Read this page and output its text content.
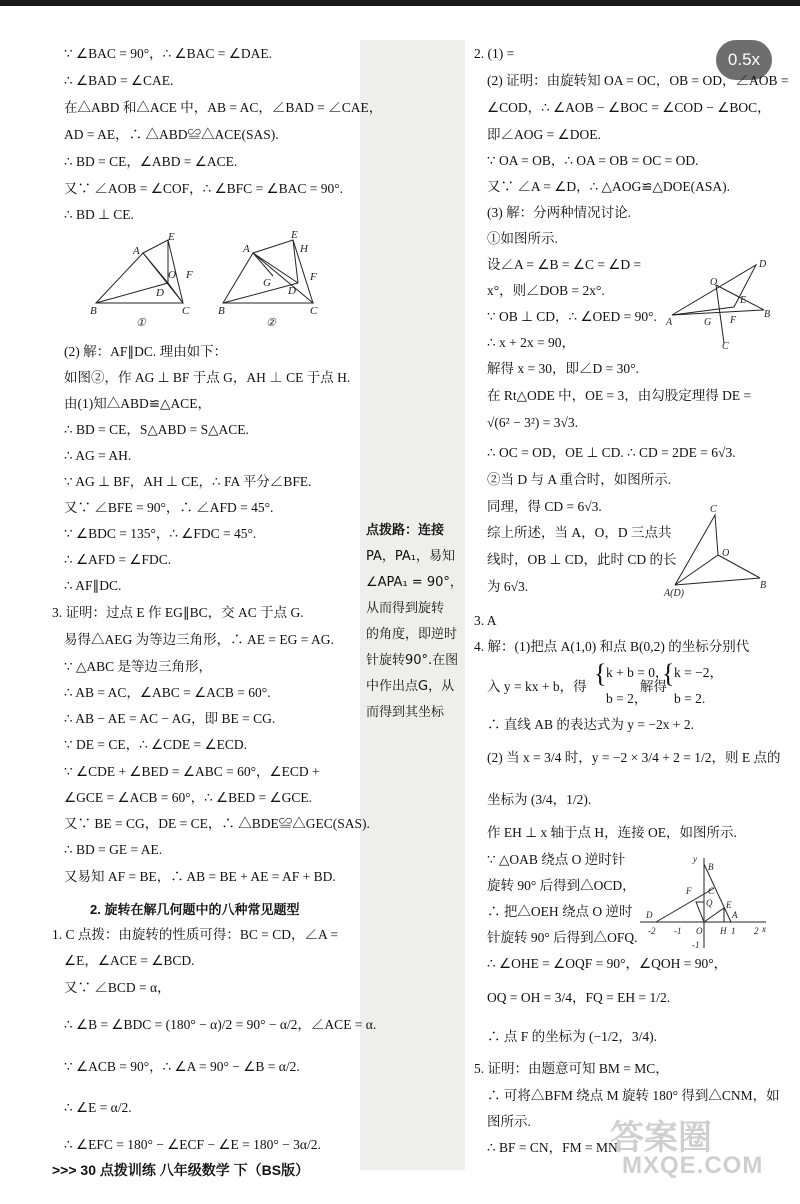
0.5x
∵ ∠BAC = 90°，∴ ∠BAC = ∠DAE.
∴ ∠BAD = ∠CAE.
在△ABD 和△ACE 中，AB = AC，∠BAD = ∠CAE，
AD = AE，∴ △ABD≌△ACE(SAS).
∴ BD = CE，∠ABD = ∠ACE.
又∵ ∠AOB = ∠COF，∴ ∠BFC = ∠BAC = 90°.
∴ BD ⊥ CE.
A
E
B	C
D
O F
A
E
H
G	F
B	C
D
①	②
(2) 解：AF∥DC. 理由如下：
如图②，作 AG ⊥ BF 于点 G，AH ⊥ CE 于点 H.
由(1)知△ABD≌△ACE，
∴ BD = CE，S△ABD = S△ACE.
∴ AG = AH.
∵ AG ⊥ BF，AH ⊥ CE，∴ FA 平分∠BFE.
又∵ ∠BFE = 90°，∴ ∠AFD = 45°.
∵ ∠BDC = 135°，∴ ∠FDC = 45°.
∴ ∠AFD = ∠FDC.
∴ AF∥DC.
3. 证明：过点 E 作 EG∥BC，交 AC 于点 G.
易得△AEG 为等边三角形，∴ AE = EG = AG.
∵ △ABC 是等边三角形，
∴ AB = AC，∠ABC = ∠ACB = 60°.
∴ AB − AE = AC − AG，即 BE = CG.
∵ DE = CE，∴ ∠CDE = ∠ECD.
∵ ∠CDE + ∠BED = ∠ABC = 60°，∠ECD +
∠GCE = ∠ACB = 60°，∴ ∠BED = ∠GCE.
又∵ BE = CG，DE = CE，∴ △BDE≌△GEC(SAS).
∴ BD = GE = AE.
又易知 AF = BE，∴ AB = BE + AE = AF + BD.
2. 旋转在解几何题中的八种常见题型
1. C 点拨：由旋转的性质可得：BC = CD，∠A =
∠E，∠ACE = ∠BCD.
又∵ ∠BCD = α，
∴ ∠B = ∠BDC = (180° − α)/2 = 90° − α/2，∠ACE = α.
∵ ∠ACB = 90°，∴ ∠A = 90° − ∠B = α/2.
∴ ∠E = α/2.
∴ ∠EFC = 180° − ∠ECF − ∠E = 180° − 3α/2.
点拨路：连接
PA，PA₁，易知
∠APA₁ = 90°，
从而得到旋转
的角度，即逆时
针旋转90°.在图
中作出点G，从
而得到其坐标
2. (1) =
(2) 证明：由旋转知 OA = OC，OB = OD，∠AOB =
∠COD，∴ ∠AOB − ∠BOC = ∠COD − ∠BOC，
即∠AOG = ∠DOE.
∵ OA = OB，∴ OA = OB = OC = OD.
又∵ ∠A = ∠D，∴ △AOG≌△DOE(ASA).
(3) 解：分两种情况讨论.
①如图所示.
设∠A = ∠B = ∠C = ∠D =
x°，则∠DOB = 2x°.
∵ OB ⊥ CD，∴ ∠OED = 90°.
∴ x + 2x = 90，
解得 x = 30，即∠D = 30°.
在 Rt△ODE 中，OE = 3，由勾股定理得 DE =
√(6² − 3²) = 3√3.
∴ OC = OD，OE ⊥ CD. ∴ CD = 2DE = 6√3.
②当 D 与 A 重合时，如图所示.
同理，得 CD = 6√3.
综上所述，当 A，O，D 三点共
线时，OB ⊥ CD，此时 CD 的长
为 6√3.
O
D
A	G F
E
B
C
C
O
A(D)
B
3. A
4. 解：(1)把点 A(1,0) 和点 B(0,2) 的坐标分别代
入 y = kx + b，得 { k + b = 0，
b = 2，
解得
{ k = −2，
b = 2.
∴ 直线 AB 的表达式为 y = −2x + 2.
(2) 当 x = 3/4 时，y = −2 × 3/4 + 2 = 1/2，则 E 点的
坐标为 (3/4，1/2).
作 EH ⊥ x 轴于点 H，连接 OE，如图所示.
∵ △OAB 绕点 O 逆时针
旋转 90° 后得到△OCD，
∴ 把△OEH 绕点 O 逆时
针旋转 90° 后得到△OFQ.
y
x
B
C
F
Q E
D	A
H
O
-2 -1	1 2
-1
∴ ∠OHE = ∠OQF = 90°，∠QOH = 90°，
OQ = OH = 3/4，FQ = EH = 1/2.
∴ 点 F 的坐标为 (−1/2，3/4).
5. 证明：由题意可知 BM = MC，
∴ 可将△BFM 绕点 M 旋转 180° 得到△CNM，如
图所示.
∴ BF = CN，FM = MN.
>>> 30 点拨训练 八年级数学 下（BS版）
答案圈
MXQE.COM
